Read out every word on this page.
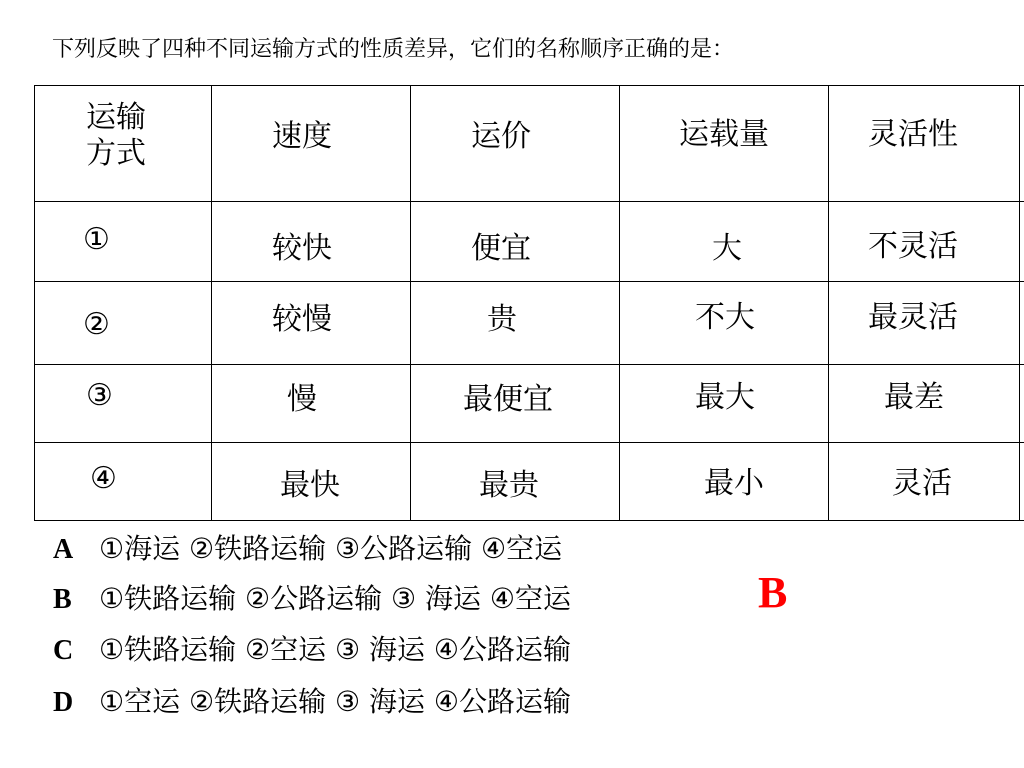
下列反映了四种不同运输方式的性质差异，它们的名称顺序正确的是：
运输
方式	速度	运价	运载量	灵活性
①	较快	便宜	大	不灵活
②	较慢	贵	不大	最灵活
③	慢	最便宜	最大	最差
④	最快	最贵	最小	灵活
A ①海运 ②铁路运输 ③公路运输 ④空运
B ①铁路运输 ②公路运输 ③ 海运 ④空运
C ①铁路运输 ②空运 ③ 海运 ④公路运输
D ①空运 ②铁路运输 ③ 海运 ④公路运输
B
